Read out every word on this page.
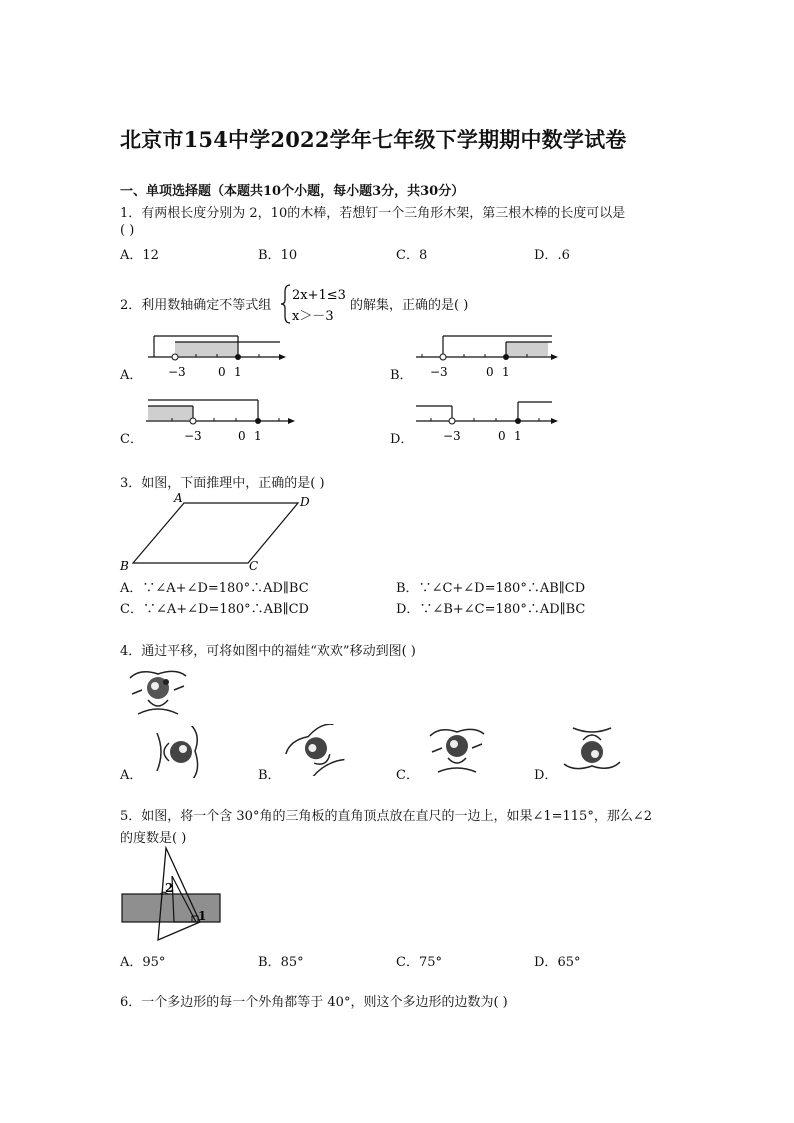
北京市154中学2022学年七年级下学期期中数学试卷
一、单项选择题（本题共10个小题，每小题3分，共30分）
1．有两根长度分别为 2，10的木棒，若想钉一个三角形木架，第三根木棒的长度可以是
( )
A．12	B．10	C．8	D．.6
2．利用数轴确定不等式组
2x+1≤3
x＞－3
的解集，正确的是( )
A． −3	0 1	B． −3	0 1
C．	−3	0 1	D． −3	0 1
3．如图，下面推理中，正确的是( )
A	D
B	C
A．∵∠A+∠D=180°∴AD∥BC	B．∵∠C+∠D=180°∴AB∥CD
C．∵∠A+∠D=180°∴AB∥CD	D．∵∠B+∠C=180°∴AD∥BC
4．通过平移，可将如图中的福娃“欢欢”移动到图( )
A．	B．	C．	D．
5．如图，将一个含 30°角的三角板的直角顶点放在直尺的一边上，如果∠1=115°，那么∠2
的度数是( )
2
1
A．95°	B．85°	C．75°	D．65°
6．一个多边形的每一个外角都等于 40°，则这个多边形的边数为( )
